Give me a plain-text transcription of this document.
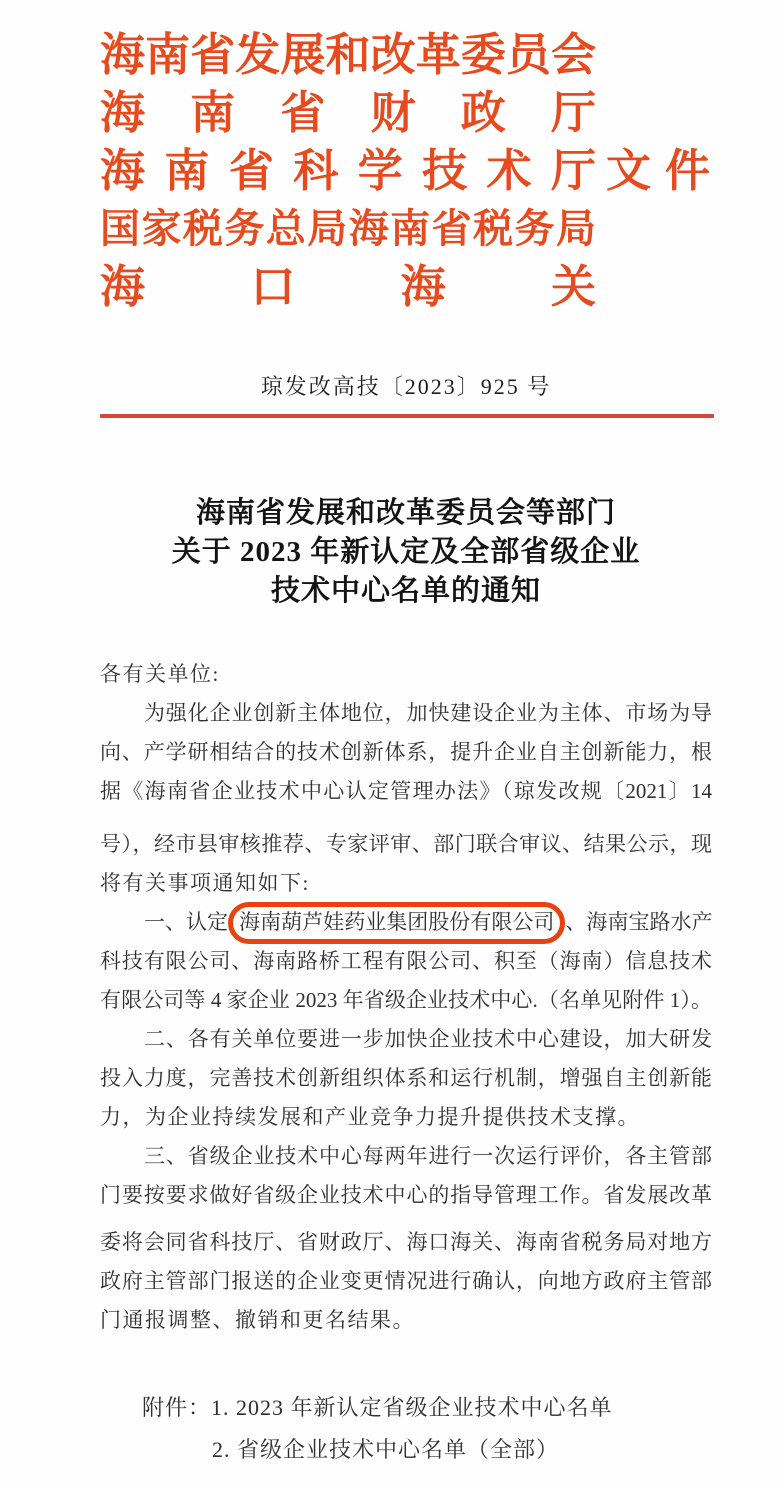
海南省发展和改革委员会
海南省财政厅
海南省科学技术厅 文件
国家税务总局海南省税务局
海口海关
琼发改高技〔2023〕925 号
海南省发展和改革委员会等部门
关于 2023 年新认定及全部省级企业
技术中心名单的通知
各有关单位:
为强化企业创新主体地位，加快建设企业为主体、市场为导
向、产学研相结合的技术创新体系，提升企业自主创新能力，根
据《海南省企业技术中心认定管理办法》（琼发改规〔2021〕14
号），经市县审核推荐、专家评审、部门联合审议、结果公示，现
将有关事项通知如下:
一、认定 海南葫芦娃药业集团股份有限公司 、海南宝路水产
科技有限公司、海南路桥工程有限公司、积至（海南）信息技术
有限公司等 4 家企业 2023 年省级企业技术中心.（名单见附件 1）。
二、各有关单位要进一步加快企业技术中心建设，加大研发
投入力度，完善技术创新组织体系和运行机制，增强自主创新能
力，为企业持续发展和产业竞争力提升提供技术支撑。
三、省级企业技术中心每两年进行一次运行评价，各主管部
门要按要求做好省级企业技术中心的指导管理工作。省发展改革
委将会同省科技厅、省财政厅、海口海关、海南省税务局对地方
政府主管部门报送的企业变更情况进行确认，向地方政府主管部
门通报调整、撤销和更名结果。
附件：1. 2023 年新认定省级企业技术中心名单
2. 省级企业技术中心名单（全部）
